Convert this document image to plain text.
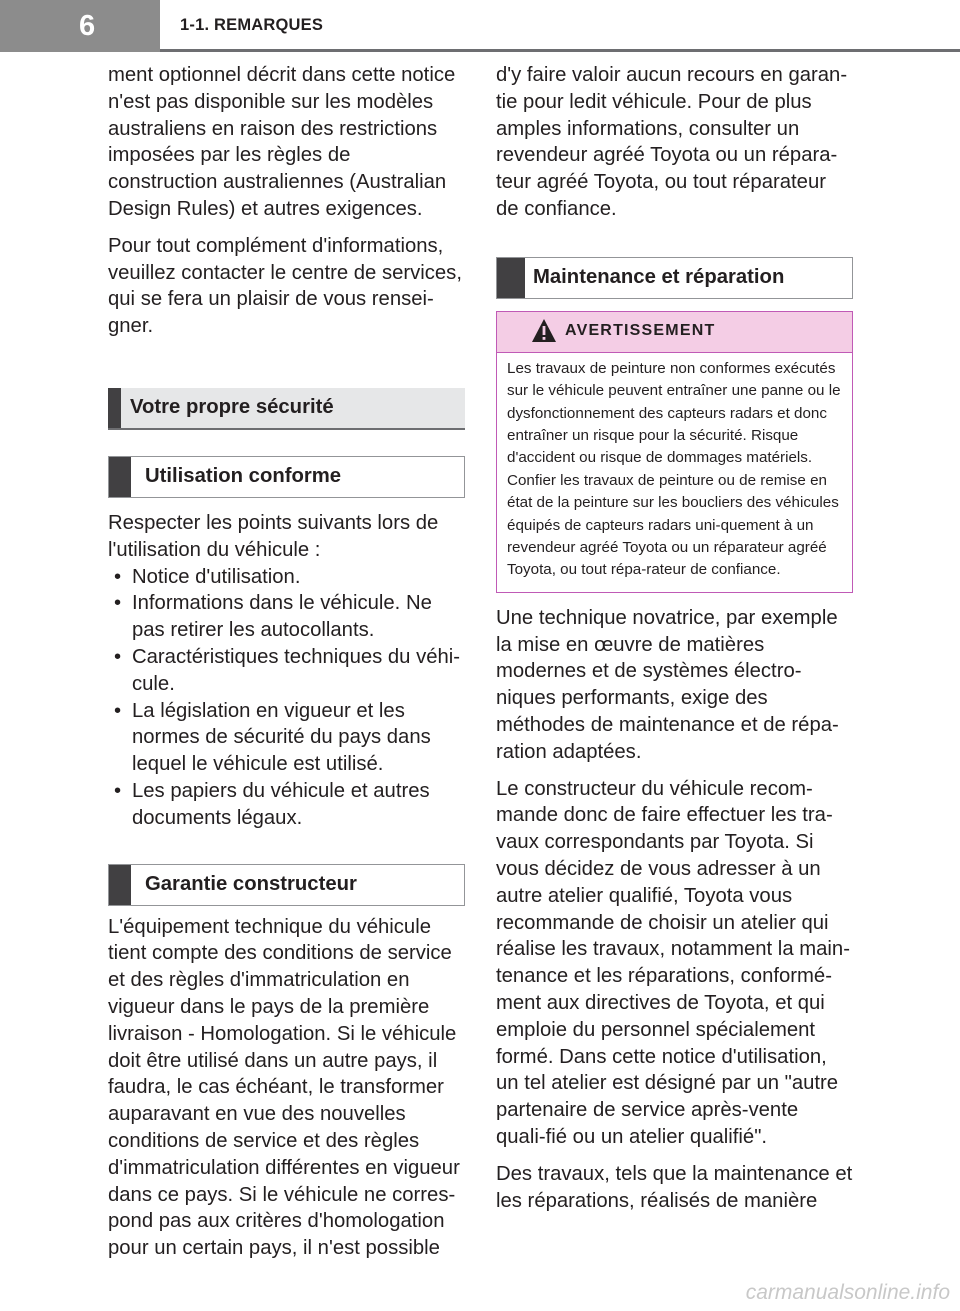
6	1-1. REMARQUES

ment optionnel décrit dans cette notice n'est pas disponible sur les modèles australiens en raison des restrictions imposées par les règles de construction australiennes (Australian Design Rules) et autres exigences.

Pour tout complément d'informations, veuillez contacter le centre de services, qui se fera un plaisir de vous rensei-gner.

Votre propre sécurité
Utilisation conforme

Respecter les points suivants lors de l'utilisation du véhicule :

• Notice d'utilisation.
• Informations dans le véhicule. Ne pas retirer les autocollants.
• Caractéristiques techniques du véhi-cule.
• La législation en vigueur et les normes de sécurité du pays dans lequel le véhicule est utilisé.
• Les papiers du véhicule et autres documents légaux.
Garantie constructeur

L'équipement technique du véhicule tient compte des conditions de service et des règles d'immatriculation en vigueur dans le pays de la première livraison - Homologation. Si le véhicule doit être utilisé dans un autre pays, il faudra, le cas échéant, le transformer auparavant en vue des nouvelles conditions de service et des règles d'immatriculation différentes en vigueur dans ce pays. Si le véhicule ne corres-pond pas aux critères d'homologation pour un certain pays, il n'est possible

d'y faire valoir aucun recours en garan-tie pour ledit véhicule. Pour de plus amples informations, consulter un revendeur agréé Toyota ou un répara-teur agréé Toyota, ou tout réparateur de confiance.

Maintenance et réparation
AVERTISSEMENT
Les travaux de peinture non conformes exécutés sur le véhicule peuvent entraîner une panne ou le dysfonctionnement des capteurs radars et donc entraîner un risque pour la sécurité. Risque d'accident ou risque de dommages matériels. Confier les travaux de peinture ou de remise en état de la peinture sur les boucliers des véhicules équipés de capteurs radars uni-quement à un revendeur agréé Toyota ou un réparateur agréé Toyota, ou tout répa-rateur de confiance.

Une technique novatrice, par exemple la mise en œuvre de matières modernes et de systèmes électro-niques performants, exige des méthodes de maintenance et de répa-ration adaptées.

Le constructeur du véhicule recom-mande donc de faire effectuer les tra-vaux correspondants par Toyota. Si vous décidez de vous adresser à un autre atelier qualifié, Toyota vous recommande de choisir un atelier qui réalise les travaux, notamment la main-tenance et les réparations, conformé-ment aux directives de Toyota, et qui emploie du personnel spécialement formé. Dans cette notice d'utilisation, un tel atelier est désigné par un "autre partenaire de service après-vente quali-fié ou un atelier qualifié".

Des travaux, tels que la maintenance et les réparations, réalisés de manière

carmanualsonline.info
